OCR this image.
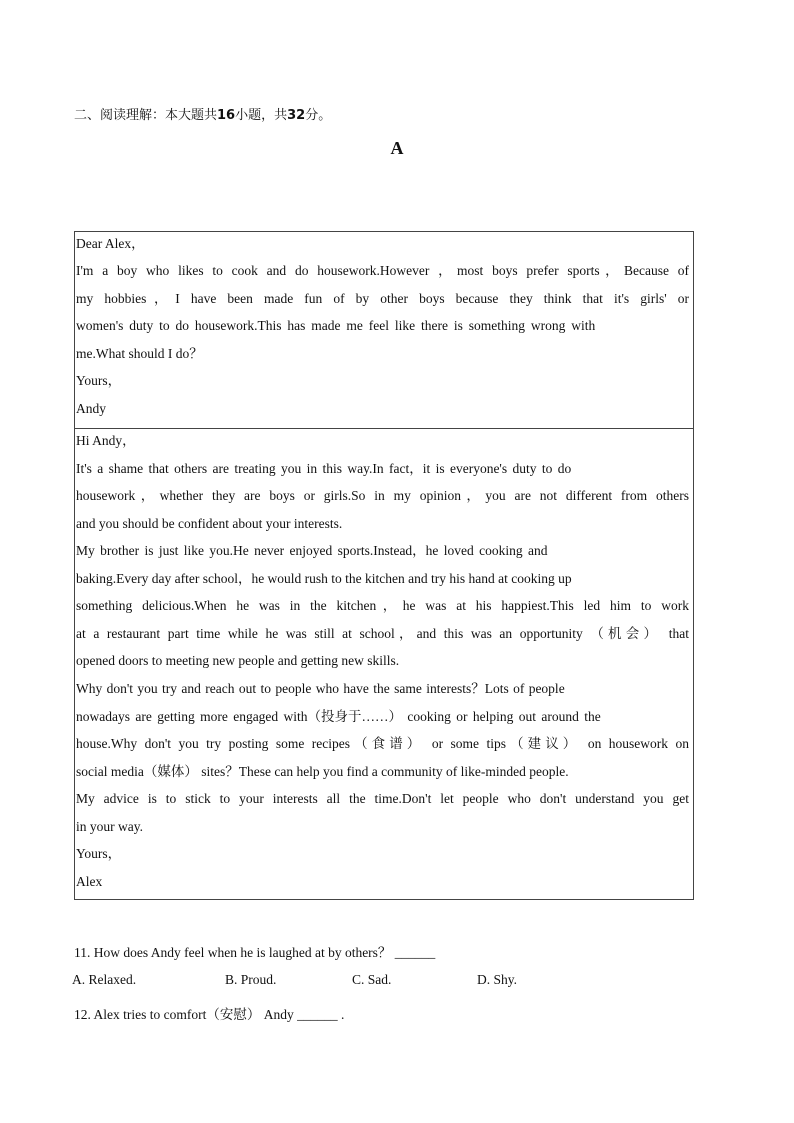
二、阅读理解：本大题共16小题，共32分。
A
Dear Alex，
I'm a boy who likes to cook and do housework.However ，most boys prefer sports，Because of
my hobbies，I have been made fun of by other boys because they think that it's girls' or
women's duty to do housework.This has made me feel like there is something wrong with
me.What should I do？
Yours，
Andy
Hi Andy，
It's a shame that others are treating you in this way.In fact，it is everyone's duty to do
housework，whether they are boys or girls.So in my opinion，you are not different from others
and you should be confident about your interests.
My brother is just like you.He never enjoyed sports.Instead，he loved cooking and
baking.Every day after school，he would rush to the kitchen and try his hand at cooking up
something delicious.When he was in the kitchen，he was at his happiest.This led him to work
at a restaurant part time while he was still at school，and this was an opportunity （机会） that
opened doors to meeting new people and getting new skills.
Why don't you try and reach out to people who have the same interests？Lots of people
nowadays are getting more engaged with（投身于……） cooking or helping out around the
house.Why don't you try posting some recipes（食谱） or some tips（建议） on housework on
social media（媒体） sites？These can help you find a community of like-minded people.
My advice is to stick to your interests all the time.Don't let people who don't understand you get
in your way.
Yours，
Alex
11. How does Andy feel when he is laughed at by others？ ______
A. Relaxed.	B. Proud.	C. Sad.	D. Shy.
12. Alex tries to comfort（安慰） Andy ______ .
